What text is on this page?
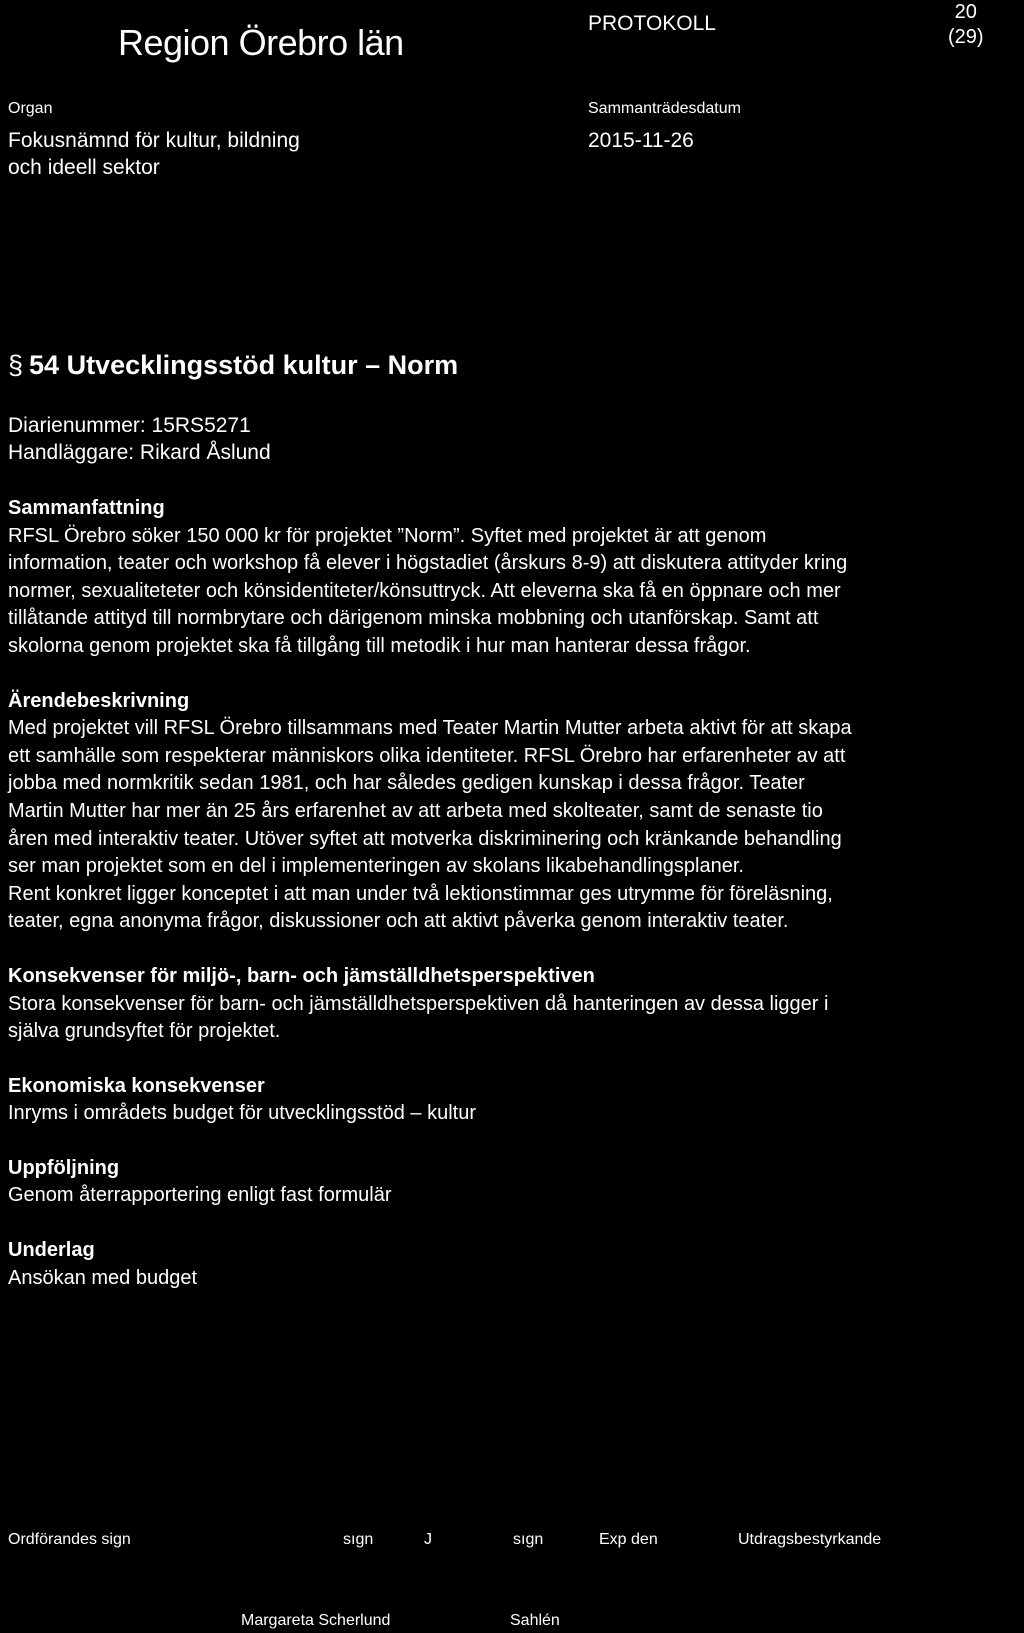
Region Örebro län	PROTOKOLL	20
(29)
Organ
Fokusnämnd för kultur, bildning
och ideell sektor
Sammanträdesdatum
2015-11-26
§ 54 Utvecklingsstöd kultur – Norm
Diarienummer: 15RS5271
Handläggare: Rikard Åslund
Sammanfattning
RFSL Örebro söker 150 000 kr för projektet ”Norm”. Syftet med projektet är att genom
information, teater och workshop få elever i högstadiet (årskurs 8-9) att diskutera attityder kring
normer, sexualiteteter och könsidentiteter/könsuttryck. Att eleverna ska få en öppnare och mer
tillåtande attityd till normbrytare och därigenom minska mobbning och utanförskap. Samt att
skolorna genom projektet ska få tillgång till metodik i hur man hanterar dessa frågor.
Ärendebeskrivning
Med projektet vill RFSL Örebro tillsammans med Teater Martin Mutter arbeta aktivt för att skapa
ett samhälle som respekterar människors olika identiteter. RFSL Örebro har erfarenheter av att
jobba med normkritik sedan 1981, och har således gedigen kunskap i dessa frågor. Teater
Martin Mutter har mer än 25 års erfarenhet av att arbeta med skolteater, samt de senaste tio
åren med interaktiv teater. Utöver syftet att motverka diskriminering och kränkande behandling
ser man projektet som en del i implementeringen av skolans likabehandlingsplaner.
Rent konkret ligger konceptet i att man under två lektionstimmar ges utrymme för föreläsning,
teater, egna anonyma frågor, diskussioner och att aktivt påverka genom interaktiv teater.
Konsekvenser för miljö-, barn- och jämställdhetsperspektiven
Stora konsekvenser för barn- och jämställdhetsperspektiven då hanteringen av dessa ligger i
själva grundsyftet för projektet.
Ekonomiska konsekvenser
Inryms i områdets budget för utvecklingsstöd – kultur
Uppföljning
Genom återrapportering enligt fast formulär
Underlag
Ansökan med budget
Ordförandes sign	sıgn	J	sıgn	Exp den	Utdragsbestyrkande
Margareta Scherlund	Sahlén
